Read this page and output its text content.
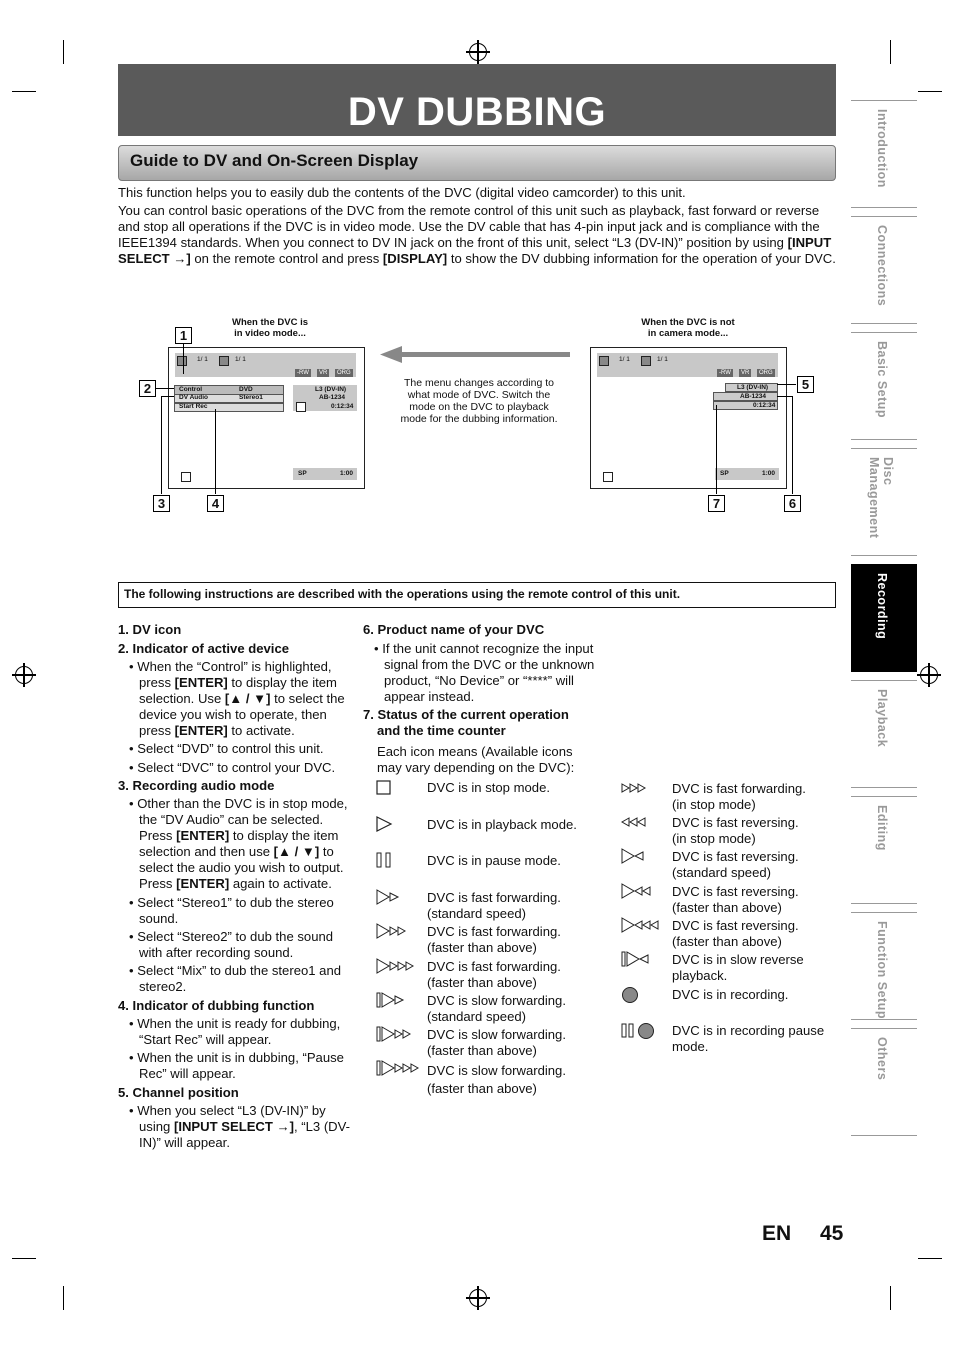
DV DUBBING
Guide to DV and On-Screen Display
This function helps you to easily dub the contents of the DVC (digital video camcorder) to this unit.
You can control basic operations of the DVC from the remote control of this unit such as playback, fast forward or reverse and stop all operations if the DVC is in video mode. Use the DV cable that has 4-pin input jack and is compliance with the IEEE1394 standards. When you connect to DV IN jack on the front of this unit, select “L3 (DV-IN)” position by using [INPUT SELECT →] on the remote control and press [DISPLAY] to show the DV dubbing information for the operation of your DVC.
Introduction
Connections
Basic Setup
Disc
Management
Recording
Playback
Editing
Function Setup
Others
When the DVC is
in video mode...
When the DVC is not
in camera mode...
The menu changes according to what mode of DVC. Switch the mode on the DVC to playback mode for the dubbing information.
1/ 1	1/ 1
-RW	VR	ORG
Control	DVD
DV Audio	Stereo1
Start Rec
L3 (DV-IN)
AB-1234
0:12:34
SP	1:00
1/ 1	1/ 1
-RW	VR	ORG
L3 (DV-IN)
AB-1234
0:12:34
SP	1:00
1
2
3	4
5
6
7
The following instructions are described with the operations using the remote control of this unit.
1. DV icon
2. Indicator of active device
• When the “Control” is highlighted, press [ENTER] to display the item selection. Use [▲ / ▼] to select the device you wish to operate, then press [ENTER] to activate.
• Select “DVD” to control this unit.
• Select “DVC” to control your DVC.
3. Recording audio mode
• Other than the DVC is in stop mode, the “DV Audio” can be selected. Press [ENTER] to display the item selection and then use [▲ / ▼] to select the audio you wish to output. Press [ENTER] again to activate.
• Select “Stereo1” to dub the stereo sound.
• Select “Stereo2” to dub the sound with after recording sound.
• Select “Mix” to dub the stereo1 and stereo2.
4. Indicator of dubbing function
• When the unit is ready for dubbing, “Start Rec” will appear.
• When the unit is in dubbing, “Pause Rec” will appear.
5. Channel position
• When you select “L3 (DV-IN)” by using [INPUT SELECT →], “L3 (DV-IN)” will appear.
6. Product name of your DVC
• If the unit cannot recognize the input signal from the DVC or the unknown product, “No Device” or “****” will appear instead.
7. Status of the current operation
and the time counter
Each icon means (Available icons may vary depending on the DVC):
DVC is in stop mode.
DVC is in playback mode.
DVC is in pause mode.
DVC is fast forwarding.
(standard speed)
DVC is fast forwarding.
(faster than above)
DVC is fast forwarding.
(faster than above)
DVC is slow forwarding.
(standard speed)
DVC is slow forwarding.
(faster than above)
DVC is slow forwarding.
(faster than above)
DVC is fast forwarding.
(in stop mode)
DVC is fast reversing.
(in stop mode)
DVC is fast reversing.
(standard speed)
DVC is fast reversing.
(faster than above)
DVC is fast reversing.
(faster than above)
DVC is in slow reverse
playback.
DVC is in recording.
DVC is in recording pause
mode.
EN 45
